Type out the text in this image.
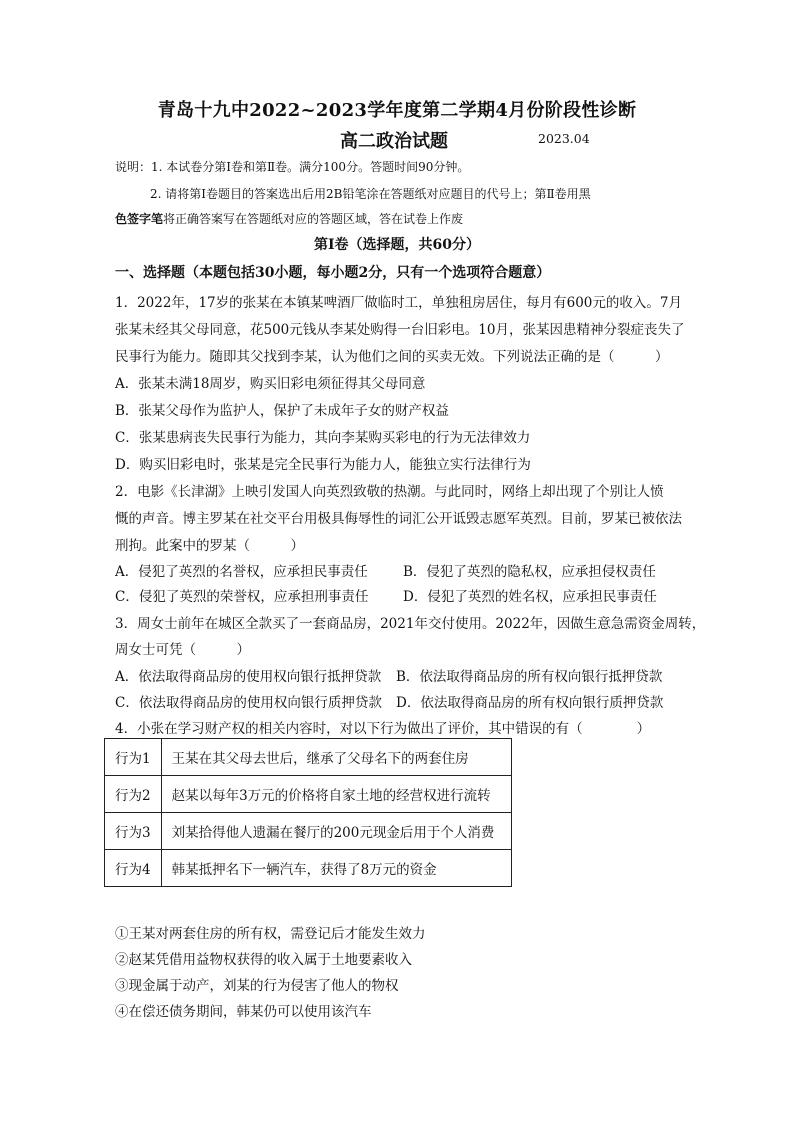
青岛十九中2022~2023学年度第二学期4月份阶段性诊断
高二政治试题	2023.04
说明：1. 本试卷分第Ⅰ卷和第Ⅱ卷。满分100分。答题时间90分钟。
2. 请将第Ⅰ卷题目的答案选出后用2B铅笔涂在答题纸对应题目的代号上；第Ⅱ卷用黑
色签字笔将正确答案写在答题纸对应的答题区域，答在试卷上作废
第Ⅰ卷（选择题，共60分）
一、选择题（本题包括30小题，每小题2分，只有一个选项符合题意）
1．2022年，17岁的张某在本镇某啤酒厂做临时工，单独租房居住，每月有600元的收入。7月
张某未经其父母同意，花500元钱从李某处购得一台旧彩电。10月，张某因患精神分裂症丧失了
民事行为能力。随即其父找到李某，认为他们之间的买卖无效。下列说法正确的是（　　　）
A．张某未满18周岁，购买旧彩电须征得其父母同意
B．张某父母作为监护人，保护了未成年子女的财产权益
C．张某患病丧失民事行为能力，其向李某购买彩电的行为无法律效力
D．购买旧彩电时，张某是完全民事行为能力人，能独立实行法律行为
2．电影《长津湖》上映引发国人向英烈致敬的热潮。与此同时，网络上却出现了个别让人愤
慨的声音。博主罗某在社交平台用极具侮辱性的词汇公开诋毁志愿军英烈。目前，罗某已被依法
刑拘。此案中的罗某（　　　）
A．侵犯了英烈的名誉权，应承担民事责任	B．侵犯了英烈的隐私权，应承担侵权责任
C．侵犯了英烈的荣誉权，应承担刑事责任	D．侵犯了英烈的姓名权，应承担民事责任
3．周女士前年在城区全款买了一套商品房，2021年交付使用。2022年，因做生意急需资金周转，
周女士可凭（　　　）
A．依法取得商品房的使用权向银行抵押贷款 B．依法取得商品房的所有权向银行抵押贷款
C．依法取得商品房的使用权向银行质押贷款 D．依法取得商品房的所有权向银行质押贷款
4．小张在学习财产权的相关内容时，对以下行为做出了评价，其中错误的有（　　　　）
行为1	王某在其父母去世后，继承了父母名下的两套住房
行为2	赵某以每年3万元的价格将自家土地的经营权进行流转
行为3	刘某拾得他人遗漏在餐厅的200元现金后用于个人消费
行为4	韩某抵押名下一辆汽车，获得了8万元的资金
①王某对两套住房的所有权，需登记后才能发生效力
②赵某凭借用益物权获得的收入属于土地要素收入
③现金属于动产，刘某的行为侵害了他人的物权
④在偿还债务期间，韩某仍可以使用该汽车
